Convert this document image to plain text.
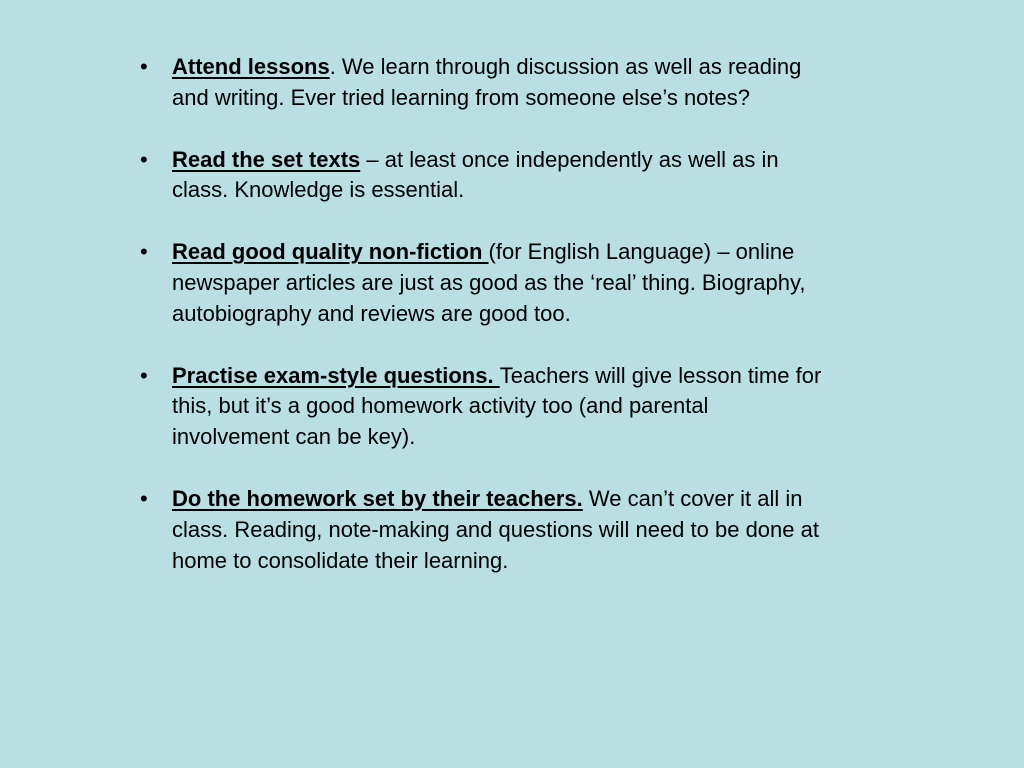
•	Attend lessons. We learn through discussion as well as reading and writing. Ever tried learning from someone else’s notes?
•	Read the set texts – at least once independently as well as in class. Knowledge is essential.
•	Read good quality non-fiction (for English Language) – online newspaper articles are just as good as the ‘real’ thing. Biography, autobiography and reviews are good too.
•	Practise exam-style questions. Teachers will give lesson time for this, but it’s a good homework activity too (and parental involvement can be key).
•	Do the homework set by their teachers. We can’t cover it all in class. Reading, note-making and questions will need to be done at home to consolidate their learning.
